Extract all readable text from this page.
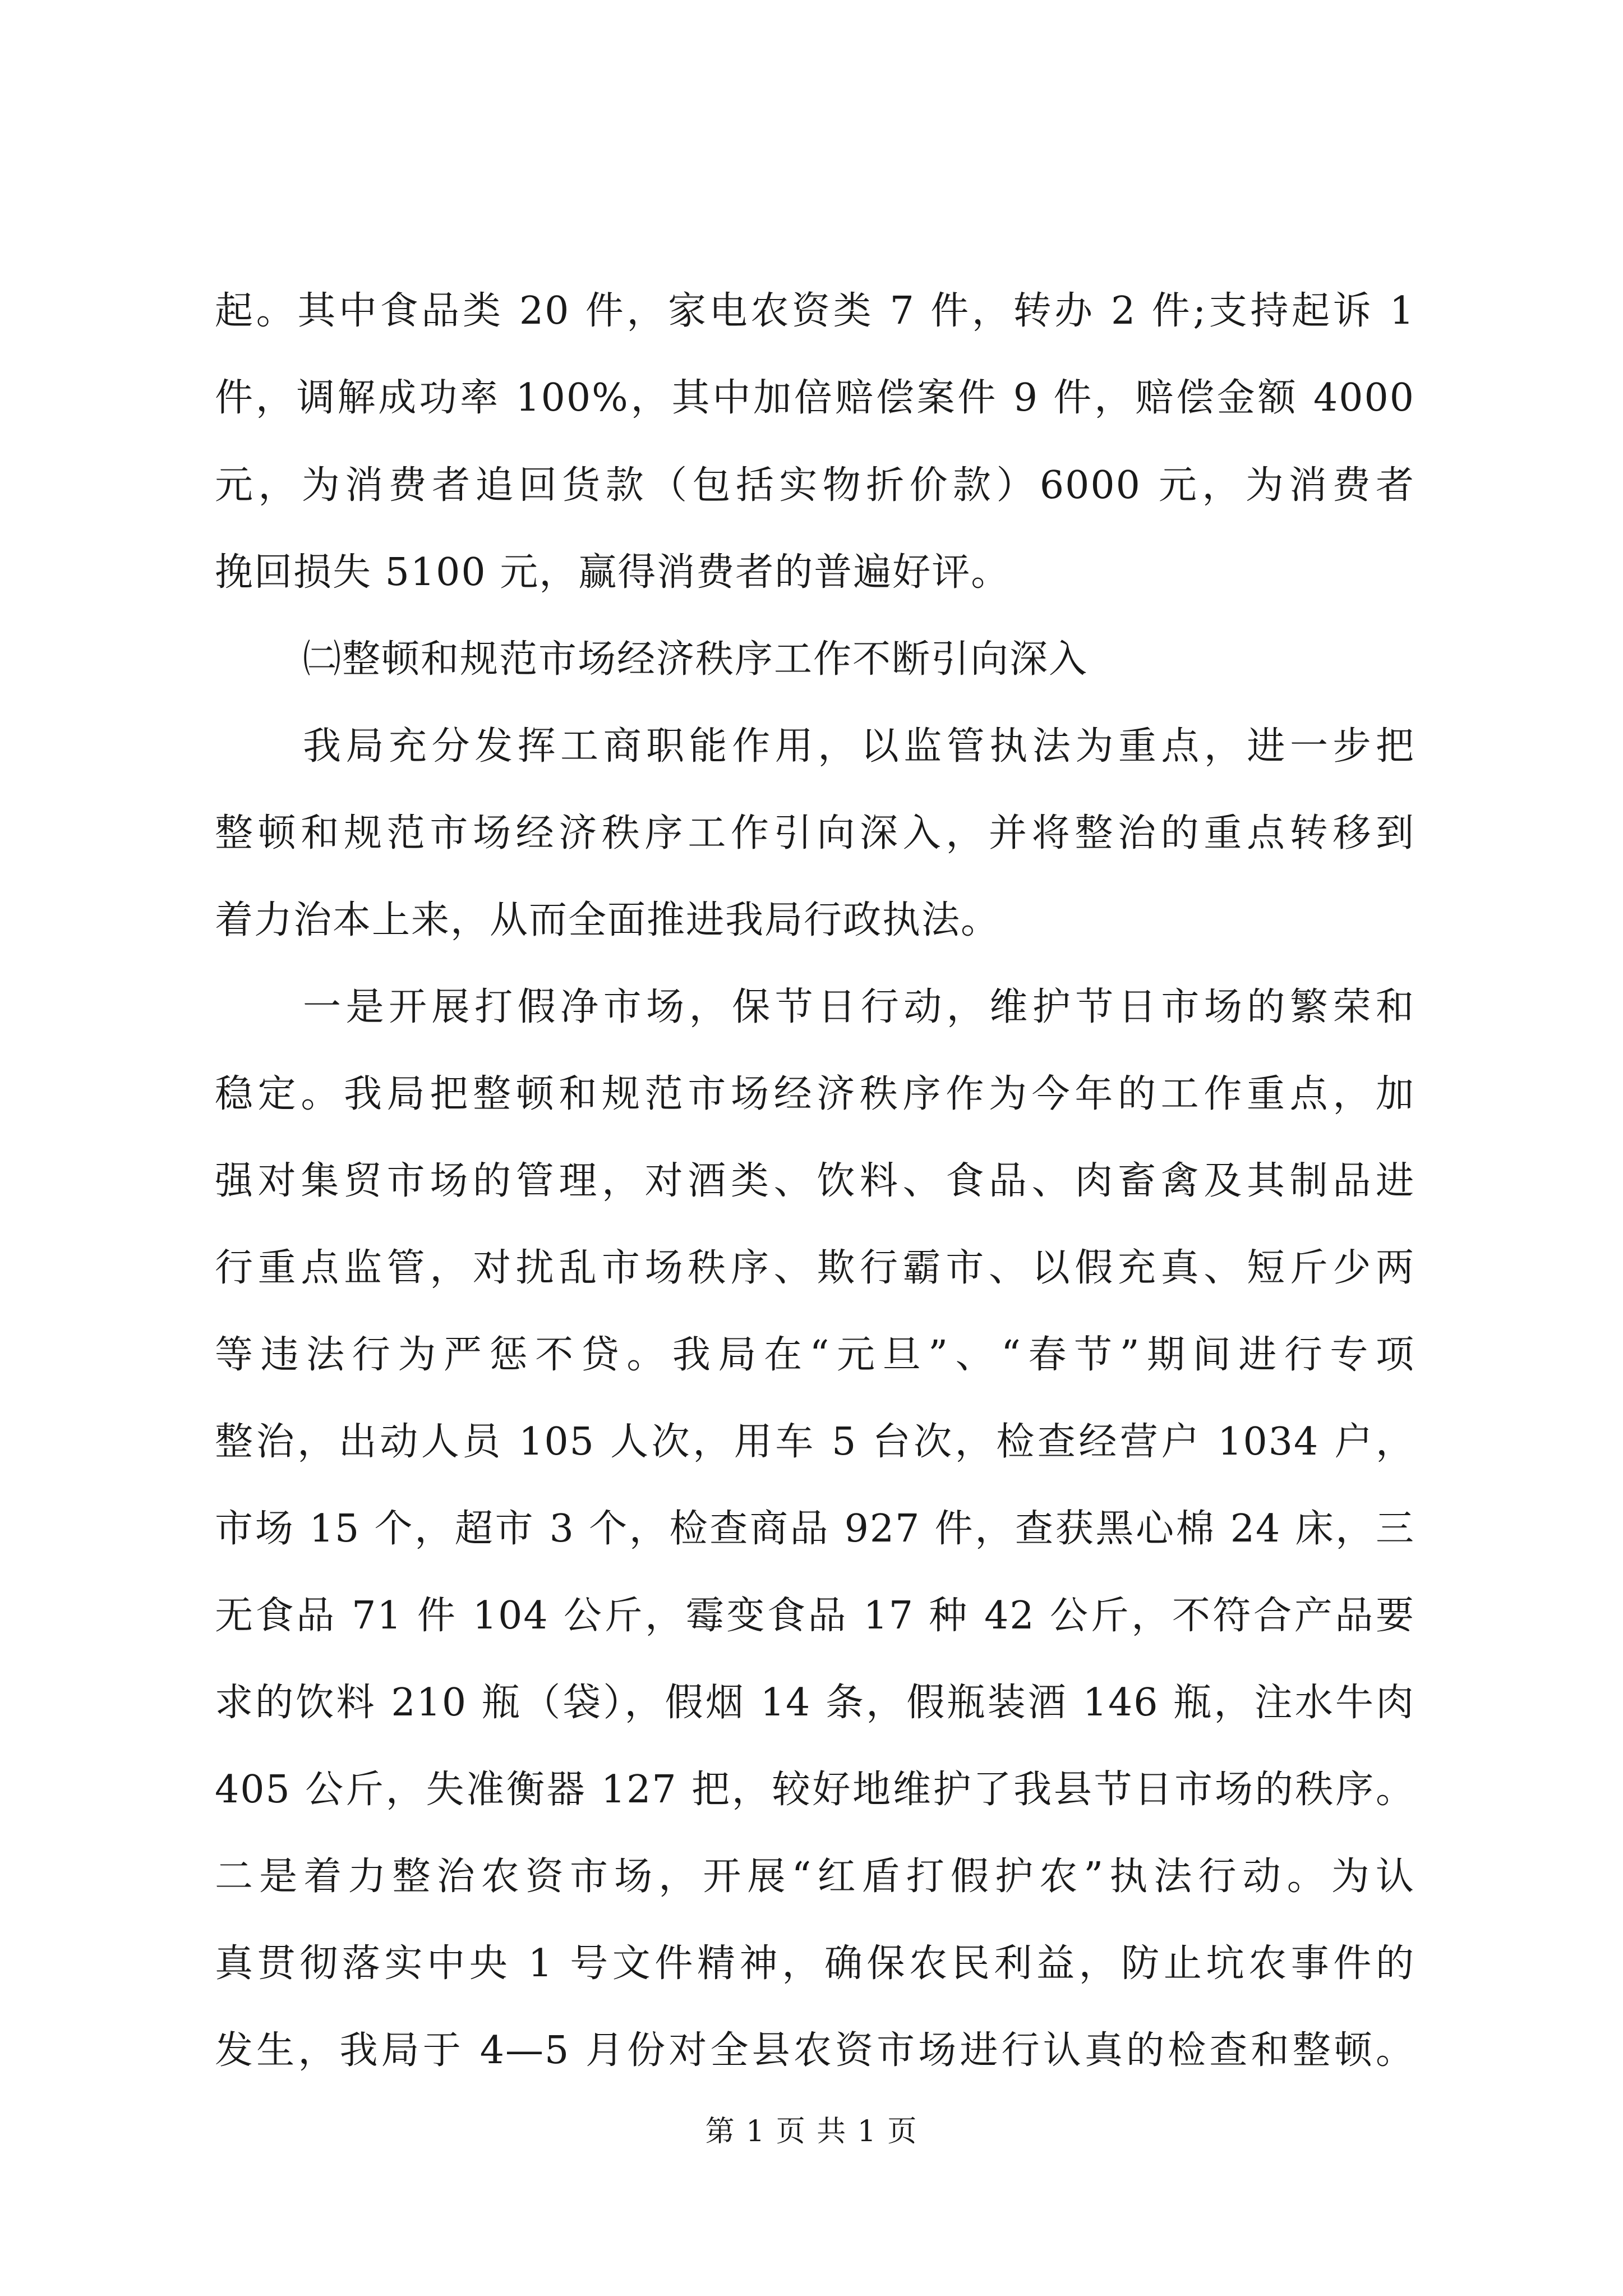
起。其中食品类 20 件，家电农资类 7 件，转办 2 件;支持起诉 1
件，调解成功率 100%，其中加倍赔偿案件 9 件，赔偿金额 4000
元，为消费者追回货款（包括实物折价款）6000 元，为消费者
挽回损失 5100 元，赢得消费者的普遍好评。
㈡整顿和规范市场经济秩序工作不断引向深入
我局充分发挥工商职能作用，以监管执法为重点，进一步把
整顿和规范市场经济秩序工作引向深入，并将整治的重点转移到
着力治本上来，从而全面推进我局行政执法。
一是开展打假净市场，保节日行动，维护节日市场的繁荣和
稳定。我局把整顿和规范市场经济秩序作为今年的工作重点，加
强对集贸市场的管理，对酒类、饮料、食品、肉畜禽及其制品进
行重点监管，对扰乱市场秩序、欺行霸市、以假充真、短斤少两
等违法行为严惩不贷。我局在“元旦”、“春节”期间进行专项
整治，出动人员 105 人次，用车 5 台次，检查经营户 1034 户，
市场 15 个，超市 3 个，检查商品 927 件，查获黑心棉 24 床，三
无食品 71 件 104 公斤，霉变食品 17 种 42 公斤，不符合产品要
求的饮料 210 瓶（袋），假烟 14 条，假瓶装酒 146 瓶，注水牛肉
405 公斤，失准衡器 127 把，较好地维护了我县节日市场的秩序。
二是着力整治农资市场，开展“红盾打假护农”执法行动。为认
真贯彻落实中央 1 号文件精神，确保农民利益，防止坑农事件的
发生，我局于 4—5 月份对全县农资市场进行认真的检查和整顿。
第 1 页 共 1 页
